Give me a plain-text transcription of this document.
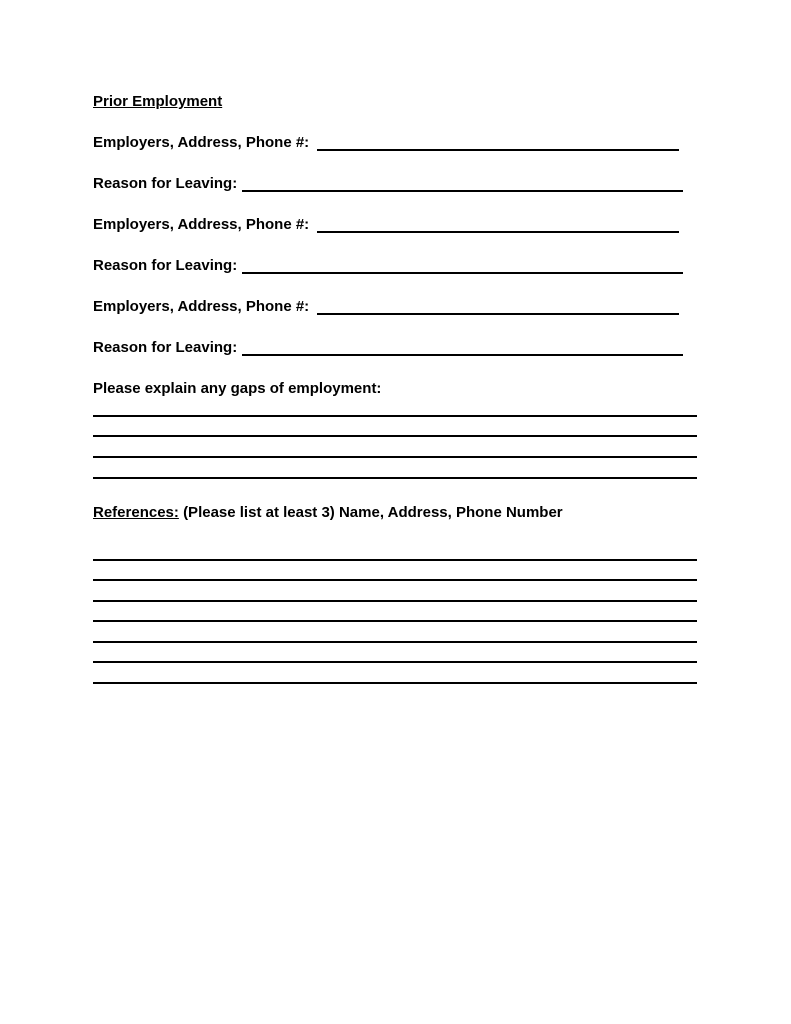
Prior Employment
Employers, Address, Phone #:
Reason for Leaving:
Employers, Address, Phone #:
Reason for Leaving:
Employers, Address, Phone #:
Reason for Leaving:
Please explain any gaps of employment:
References: (Please list at least 3) Name, Address, Phone Number
